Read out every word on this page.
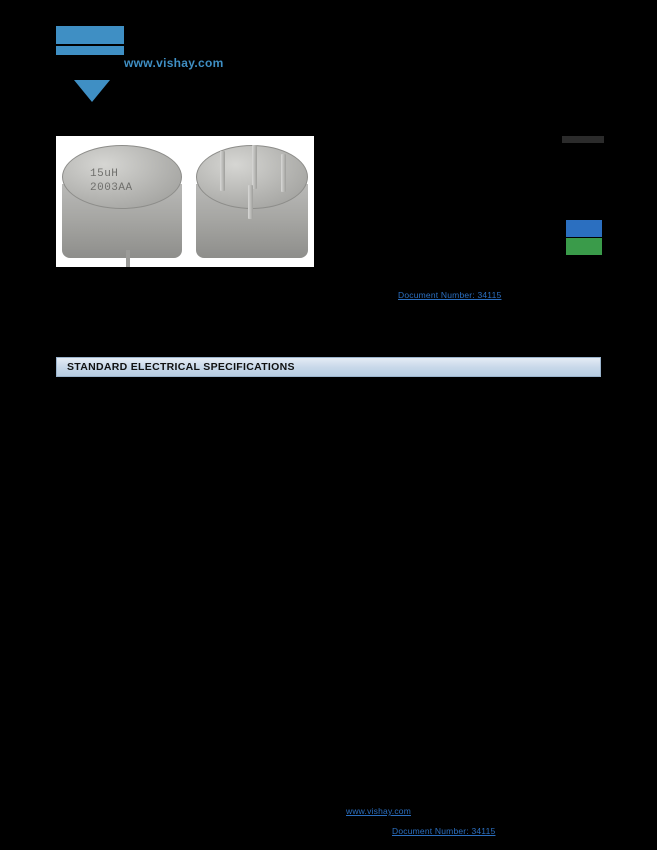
www.vishay.com
15uH
2003AA
Document Number: 34115
STANDARD ELECTRICAL SPECIFICATIONS
www.vishay.com
Document Number: 34115
